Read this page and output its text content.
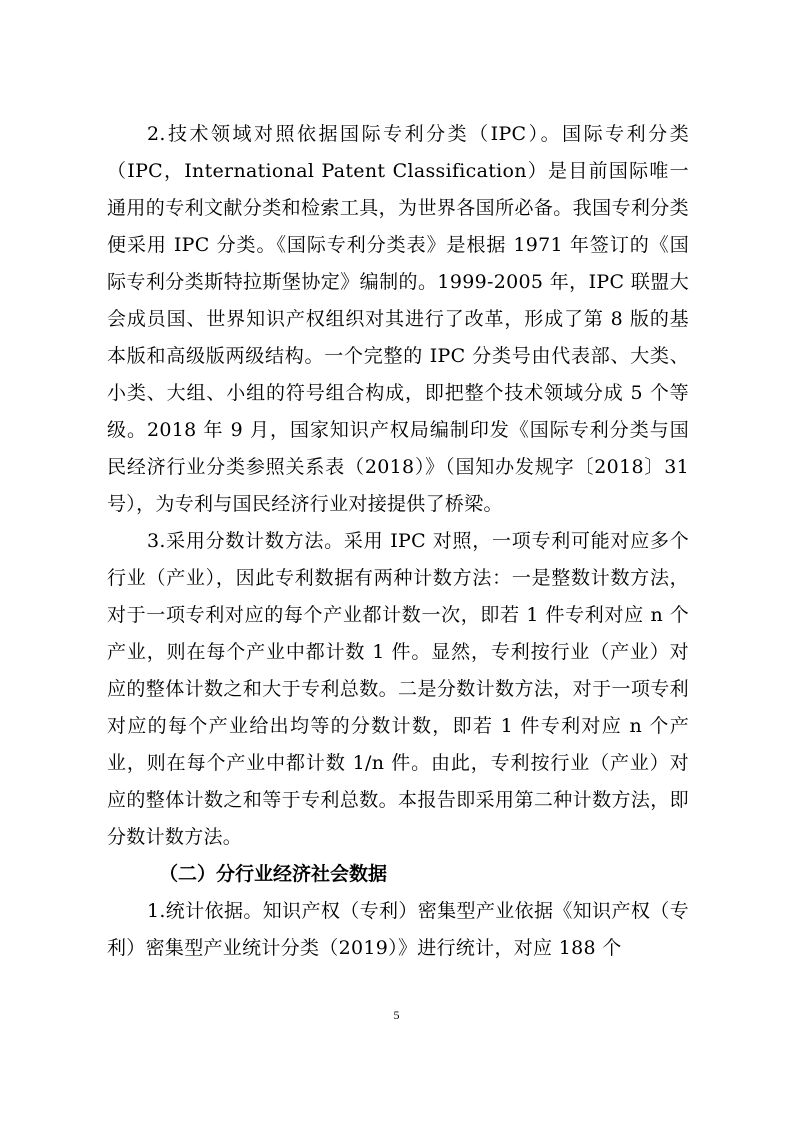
2.技术领域对照依据国际专利分类（IPC）。国际专利分类（IPC，International Patent Classification）是目前国际唯一通用的专利文献分类和检索工具，为世界各国所必备。我国专利分类便采用 IPC 分类。《国际专利分类表》是根据 1971 年签订的《国际专利分类斯特拉斯堡协定》编制的。1999-2005 年，IPC 联盟大会成员国、世界知识产权组织对其进行了改革，形成了第 8 版的基本版和高级版两级结构。一个完整的 IPC 分类号由代表部、大类、小类、大组、小组的符号组合构成，即把整个技术领域分成 5 个等级。2018 年 9 月，国家知识产权局编制印发《国际专利分类与国民经济行业分类参照关系表（2018）》（国知办发规字〔2018〕31 号），为专利与国民经济行业对接提供了桥梁。

3.采用分数计数方法。采用 IPC 对照，一项专利可能对应多个行业（产业），因此专利数据有两种计数方法：一是整数计数方法，对于一项专利对应的每个产业都计数一次，即若 1 件专利对应 n 个产业，则在每个产业中都计数 1 件。显然，专利按行业（产业）对应的整体计数之和大于专利总数。二是分数计数方法，对于一项专利对应的每个产业给出均等的分数计数，即若 1 件专利对应 n 个产业，则在每个产业中都计数 1/n 件。由此，专利按行业（产业）对应的整体计数之和等于专利总数。本报告即采用第二种计数方法，即分数计数方法。

（二）分行业经济社会数据

1.统计依据。知识产权（专利）密集型产业依据《知识产权（专利）密集型产业统计分类（2019）》进行统计，对应 188 个

5
